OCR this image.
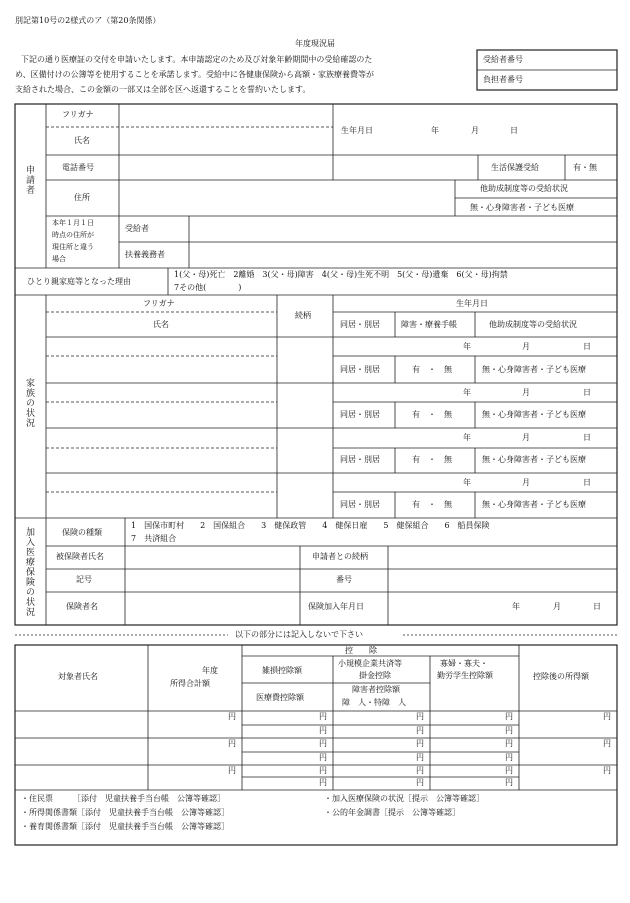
別記第10号の2様式のア（第20条関係）
年度現況届
下記の通り医療証の交付を申請いたします。本申請認定のため及び対象年齢期間中の受給確認のた
め、区備付けの公簿等を使用することを承諾します。受給中に各健康保険から高額・家族療養費等が
支給された場合、この金額の一部又は全部を区へ返還することを誓約いたします。
受給者番号
負担者番号
申請者
フリガナ
氏名
生年月日	年	月	日
電話番号	生活保護受給	有・無
住所
他助成制度等の受給状況
無・心身障害者・子ども医療
本年１月１日
時点の住所が
現住所と違う
場合
受給者
扶養義務者
ひとり親家庭等となった理由
1(父・母)死亡　2離婚　3(父・母)障害　4(父・母)生死不明　5(父・母)遺棄　6(父・母)拘禁
7その他(　　　　)
家族の状況
フリガナ
氏名
続柄
生年月日
同居・別居	障害・療養手帳	他助成制度等の受給状況
年	月	日
同居・別居	有　・　無	無・心身障害者・子ども医療
年	月	日
同居・別居	有　・　無	無・心身障害者・子ども医療
年	月	日
同居・別居	有　・　無	無・心身障害者・子ども医療
年	月	日
同居・別居	有　・　無	無・心身障害者・子ども医療
加入医療保険の状況	保険の種類
1　国保市町村　　2　国保組合　　3　健保政管　　4　健保日雇　　5　健保組合　　6　船員保険
7　共済組合
被保険者氏名	申請者との続柄
記号	番号
保険者名	保険加入年月日	年	月	日
以下の部分には記入しないで下さい
対象者氏名
年度
所得合計額
控　　除
雑損控除額
小規模企業共済等
掛金控除
寡婦・寡夫・
勤労学生控除額
医療費控除額
障害者控除額
障　人・特障　人
控除後の所得額
円	円	円	円	円
円	円	円
円	円	円	円	円
円	円	円
円	円	円	円	円
円	円	円
・住民票　　　［添付　児童扶養手当台帳　公簿等確認］
・所得関係書類［添付　児童扶養手当台帳　公簿等確認］
・養育関係書類［添付　児童扶養手当台帳　公簿等確認］
・加入医療保険の状況［提示　公簿等確認］
・公的年金調書［提示　公簿等確認］
